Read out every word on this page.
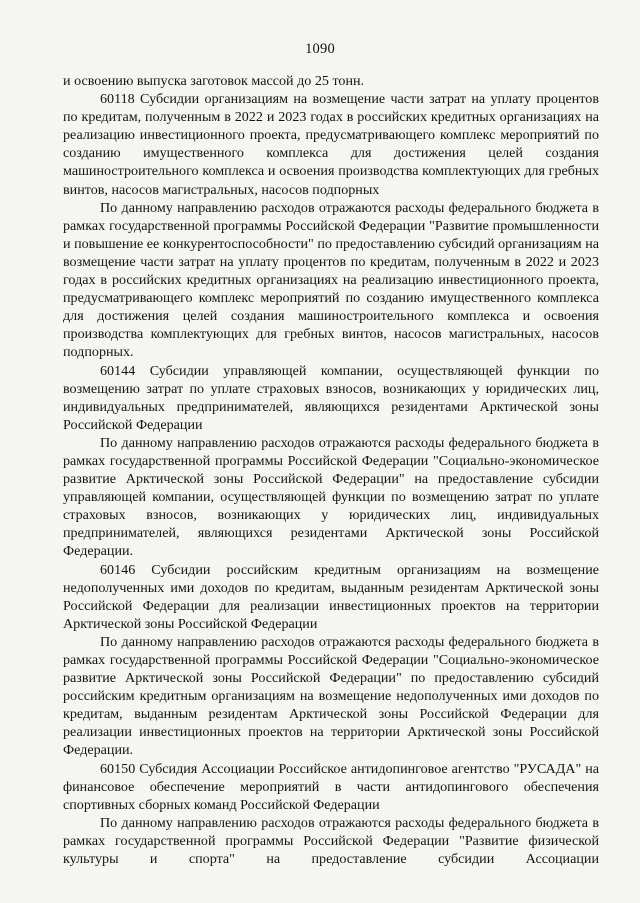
1090

и освоению выпуска заготовок массой до 25 тонн.

60118 Субсидии организациям на возмещение части затрат на уплату процентов по кредитам, полученным в 2022 и 2023 годах в российских кредитных организациях на реализацию инвестиционного проекта, предусматривающего комплекс мероприятий по созданию имущественного комплекса для достижения целей создания машиностроительного комплекса и освоения производства комплектующих для гребных винтов, насосов магистральных, насосов подпорных

По данному направлению расходов отражаются расходы федерального бюджета в рамках государственной программы Российской Федерации "Развитие промышленности и повышение ее конкурентоспособности" по предоставлению субсидий организациям на возмещение части затрат на уплату процентов по кредитам, полученным в 2022 и 2023 годах в российских кредитных организациях на реализацию инвестиционного проекта, предусматривающего комплекс мероприятий по созданию имущественного комплекса для достижения целей создания машиностроительного комплекса и освоения производства комплектующих для гребных винтов, насосов магистральных, насосов подпорных.

60144 Субсидии управляющей компании, осуществляющей функции по возмещению затрат по уплате страховых взносов, возникающих у юридических лиц, индивидуальных предпринимателей, являющихся резидентами Арктической зоны Российской Федерации

По данному направлению расходов отражаются расходы федерального бюджета в рамках государственной программы Российской Федерации "Социально-экономическое развитие Арктической зоны Российской Федерации" на предоставление субсидии управляющей компании, осуществляющей функции по возмещению затрат по уплате страховых взносов, возникающих у юридических лиц, индивидуальных предпринимателей, являющихся резидентами Арктической зоны Российской Федерации.

60146 Субсидии российским кредитным организациям на возмещение недополученных ими доходов по кредитам, выданным резидентам Арктической зоны Российской Федерации для реализации инвестиционных проектов на территории Арктической зоны Российской Федерации

По данному направлению расходов отражаются расходы федерального бюджета в рамках государственной программы Российской Федерации "Социально-экономическое развитие Арктической зоны Российской Федерации" по предоставлению субсидий российским кредитным организациям на возмещение недополученных ими доходов по кредитам, выданным резидентам Арктической зоны Российской Федерации для реализации инвестиционных проектов на территории Арктической зоны Российской Федерации.

60150 Субсидия Ассоциации Российское антидопинговое агентство "РУСАДА" на финансовое обеспечение мероприятий в части антидопингового обеспечения спортивных сборных команд Российской Федерации

По данному направлению расходов отражаются расходы федерального бюджета в рамках государственной программы Российской Федерации "Развитие физической культуры и спорта" на предоставление субсидии Ассоциации
